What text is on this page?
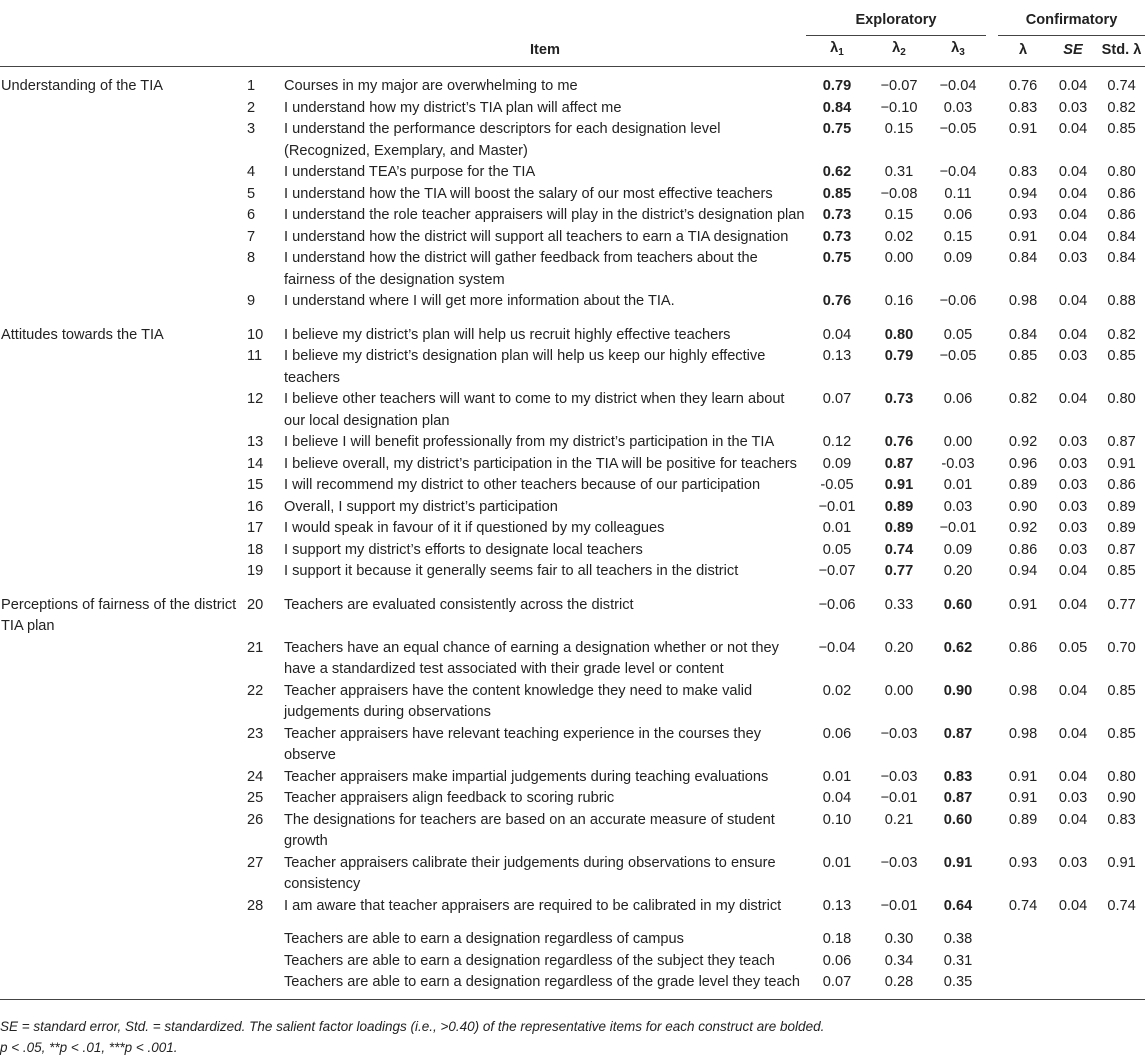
			Exploratory				Confirmatory		
		Item	$\lambda_1$	$\lambda_2$	$\lambda_3$		λ	SE	Std. λ
Understanding of the TIA	1	Courses in my major are overwhelming to me	0.79	−0.07	−0.04		0.76	0.04	0.74
	2	I understand how my district’s TIA plan will affect me	0.84	−0.10	0.03		0.83	0.03	0.82
	3	I understand the performance descriptors for each designation level (Recognized, Exemplary, and Master)	0.75	0.15	−0.05		0.91	0.04	0.85
	4	I understand TEA’s purpose for the TIA	0.62	0.31	−0.04		0.83	0.04	0.80
	5	I understand how the TIA will boost the salary of our most effective teachers	0.85	−0.08	0.11		0.94	0.04	0.86
	6	I understand the role teacher appraisers will play in the district’s designation plan	0.73	0.15	0.06		0.93	0.04	0.86
	7	I understand how the district will support all teachers to earn a TIA designation	0.73	0.02	0.15		0.91	0.04	0.84
	8	I understand how the district will gather feedback from teachers about the fairness of the designation system	0.75	0.00	0.09		0.84	0.03	0.84
	9	I understand where I will get more information about the TIA.	0.76	0.16	−0.06		0.98	0.04	0.88
Attitudes towards the TIA	10	I believe my district’s plan will help us recruit highly effective teachers	0.04	0.80	0.05		0.84	0.04	0.82
	11	I believe my district’s designation plan will help us keep our highly effective teachers	0.13	0.79	−0.05		0.85	0.03	0.85
	12	I believe other teachers will want to come to my district when they learn about our local designation plan	0.07	0.73	0.06		0.82	0.04	0.80
	13	I believe I will benefit professionally from my district’s participation in the TIA	0.12	0.76	0.00		0.92	0.03	0.87
	14	I believe overall, my district’s participation in the TIA will be positive for teachers	0.09	0.87	-0.03		0.96	0.03	0.91
	15	I will recommend my district to other teachers because of our participation	-0.05	0.91	0.01		0.89	0.03	0.86
	16	Overall, I support my district’s participation	−0.01	0.89	0.03		0.90	0.03	0.89
	17	I would speak in favour of it if questioned by my colleagues	0.01	0.89	−0.01		0.92	0.03	0.89
	18	I support my district’s efforts to designate local teachers	0.05	0.74	0.09		0.86	0.03	0.87
	19	I support it because it generally seems fair to all teachers in the district	−0.07	0.77	0.20		0.94	0.04	0.85
Perceptions of fairness of the district TIA plan	20	Teachers are evaluated consistently across the district	−0.06	0.33	0.60		0.91	0.04	0.77
	21	Teachers have an equal chance of earning a designation whether or not they have a standardized test associated with their grade level or content	−0.04	0.20	0.62		0.86	0.05	0.70
	22	Teacher appraisers have the content knowledge they need to make valid judgements during observations	0.02	0.00	0.90		0.98	0.04	0.85
	23	Teacher appraisers have relevant teaching experience in the courses they observe	0.06	−0.03	0.87		0.98	0.04	0.85
	24	Teacher appraisers make impartial judgements during teaching evaluations	0.01	−0.03	0.83		0.91	0.04	0.80
	25	Teacher appraisers align feedback to scoring rubric	0.04	−0.01	0.87		0.91	0.03	0.90
	26	The designations for teachers are based on an accurate measure of student growth	0.10	0.21	0.60		0.89	0.04	0.83
	27	Teacher appraisers calibrate their judgements during observations to ensure consistency	0.01	−0.03	0.91		0.93	0.03	0.91
	28	I am aware that teacher appraisers are required to be calibrated in my district	0.13	−0.01	0.64		0.74	0.04	0.74
		Teachers are able to earn a designation regardless of campus	0.18	0.30	0.38				
		Teachers are able to earn a designation regardless of the subject they teach	0.06	0.34	0.31				
		Teachers are able to earn a designation regardless of the grade level they teach	0.07	0.28	0.35				
SE = standard error, Std. = standardized. The salient factor loadings (i.e., >0.40) of the representative items for each construct are bolded.
p < .05, **p < .01, ***p < .001.
